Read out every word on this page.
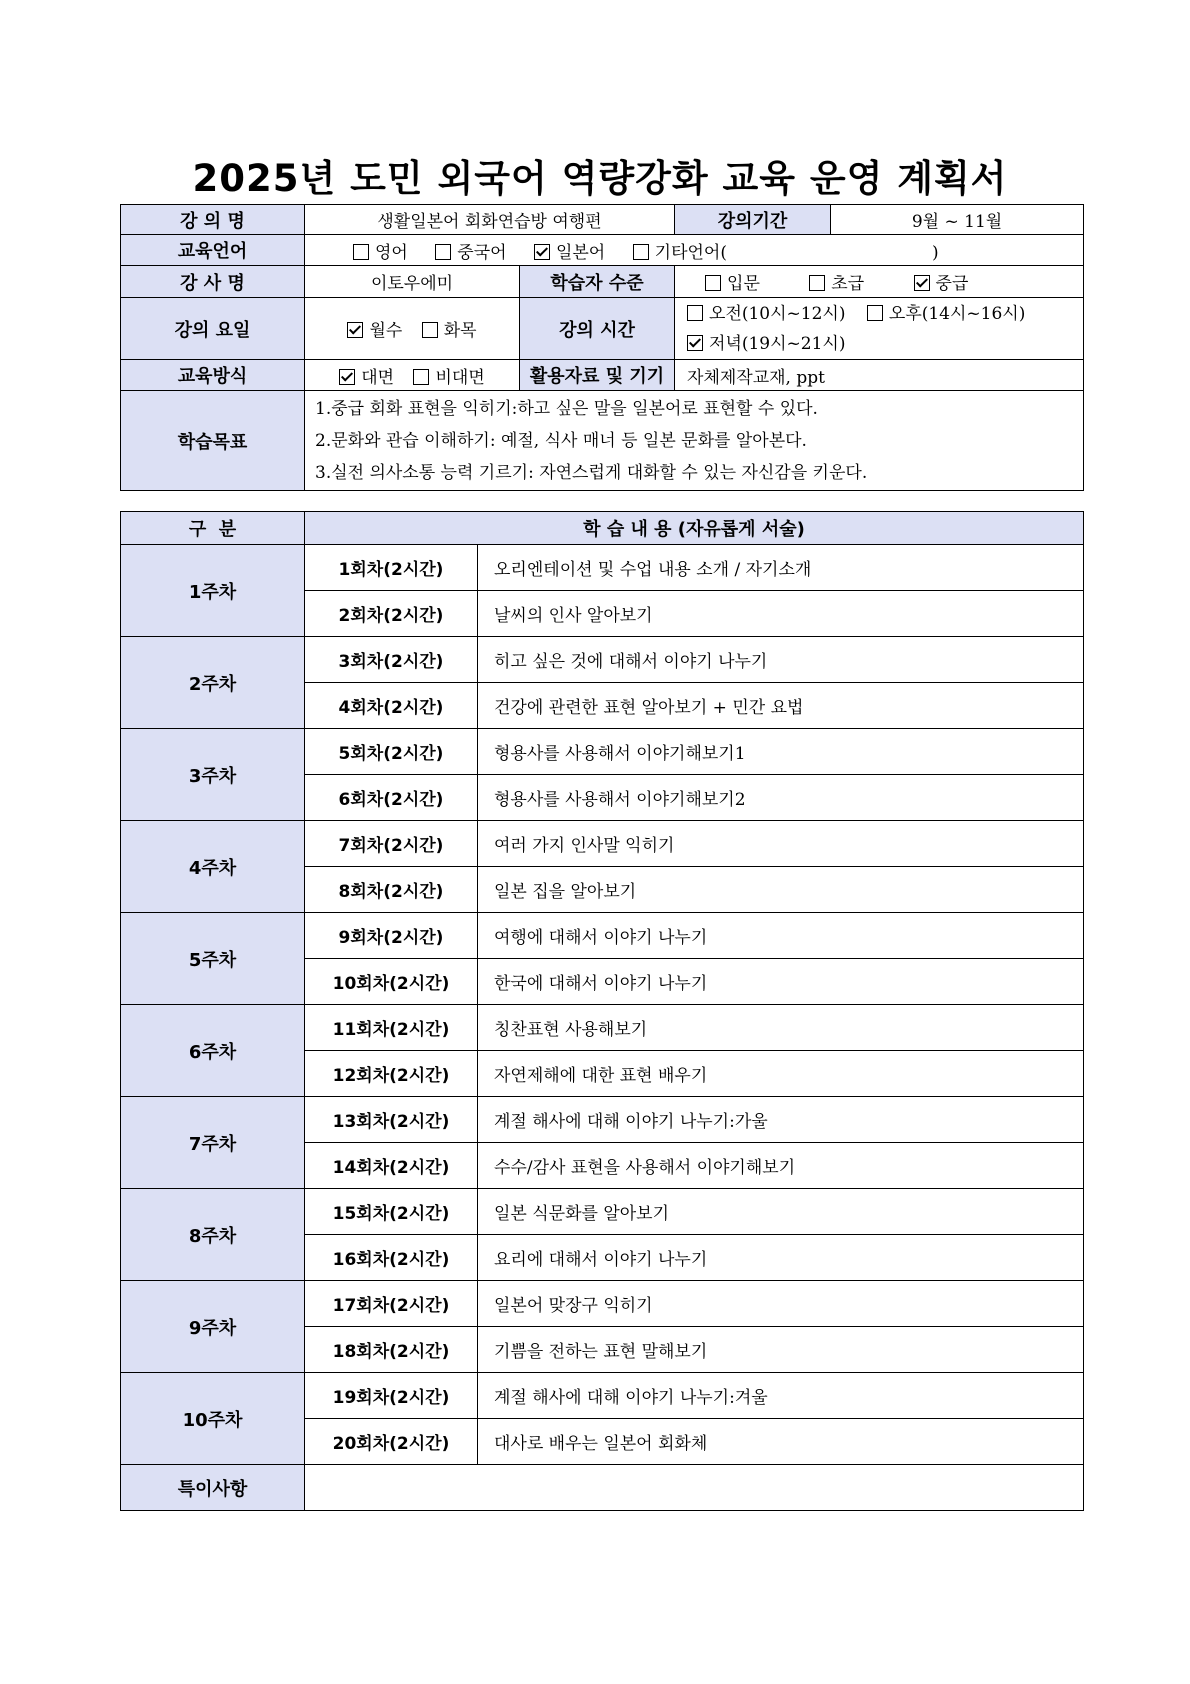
2025년 도민 외국어 역량강화 교육 운영 계획서
강 의 명	생활일본어 회화연습방 여행편		강의기간	9월 ~ 11월
교육언어	영어 중국어 일본어 기타언어( )			
강 사 명	이토우에미	학습자 수준	입문 초급 중급	
강의 요일	월수 화목	강의 시간	오전(10시~12시) 오후(14시~16시)
저녁(19시~21시)	

교육방식	대면 비대면	활용자료 및 기기	자체제작교재, ppt	
학습목표	1.중급 회화 표현을 익히기:하고 싶은 말을 일본어로 표현할 수 있다.
2.문화와 관습 이해하기: 예절, 식사 매너 등 일본 문화를 알아본다.
3.실전 의사소통 능력 기르기: 자연스럽게 대화할 수 있는 자신감을 키운다.			
구  분	학 습 내 용 (자유롭게 서술)	
1주차	1회차(2시간)	오리엔테이션 및 수업 내용 소개 / 자기소개
	2회차(2시간)	날씨의 인사 알아보기
2주차	3회차(2시간)	히고 싶은 것에 대해서 이야기 나누기
	4회차(2시간)	건강에 관련한 표현 알아보기 + 민간 요법
3주차	5회차(2시간)	형용사를 사용해서 이야기해보기1
	6회차(2시간)	형용사를 사용해서 이야기해보기2
4주차	7회차(2시간)	여러 가지 인사말 익히기
	8회차(2시간)	일본 집을 알아보기
5주차	9회차(2시간)	여행에 대해서 이야기 나누기
	10회차(2시간)	한국에 대해서 이야기 나누기
6주차	11회차(2시간)	칭찬표현 사용해보기
	12회차(2시간)	자연제해에 대한 표현 배우기
7주차	13회차(2시간)	계절 해사에 대해 이야기 나누기:가울
	14회차(2시간)	수수/감사 표현을 사용해서 이야기해보기
8주차	15회차(2시간)	일본 식문화를 알아보기
	16회차(2시간)	요리에 대해서 이야기 나누기
9주차	17회차(2시간)	일본어 맞장구 익히기
	18회차(2시간)	기쁨을 전하는 표현 말해보기
10주차	19회차(2시간)	계절 해사에 대해 이야기 나누기:겨울
	20회차(2시간)	대사로 배우는 일본어 회화체
특이사항		
